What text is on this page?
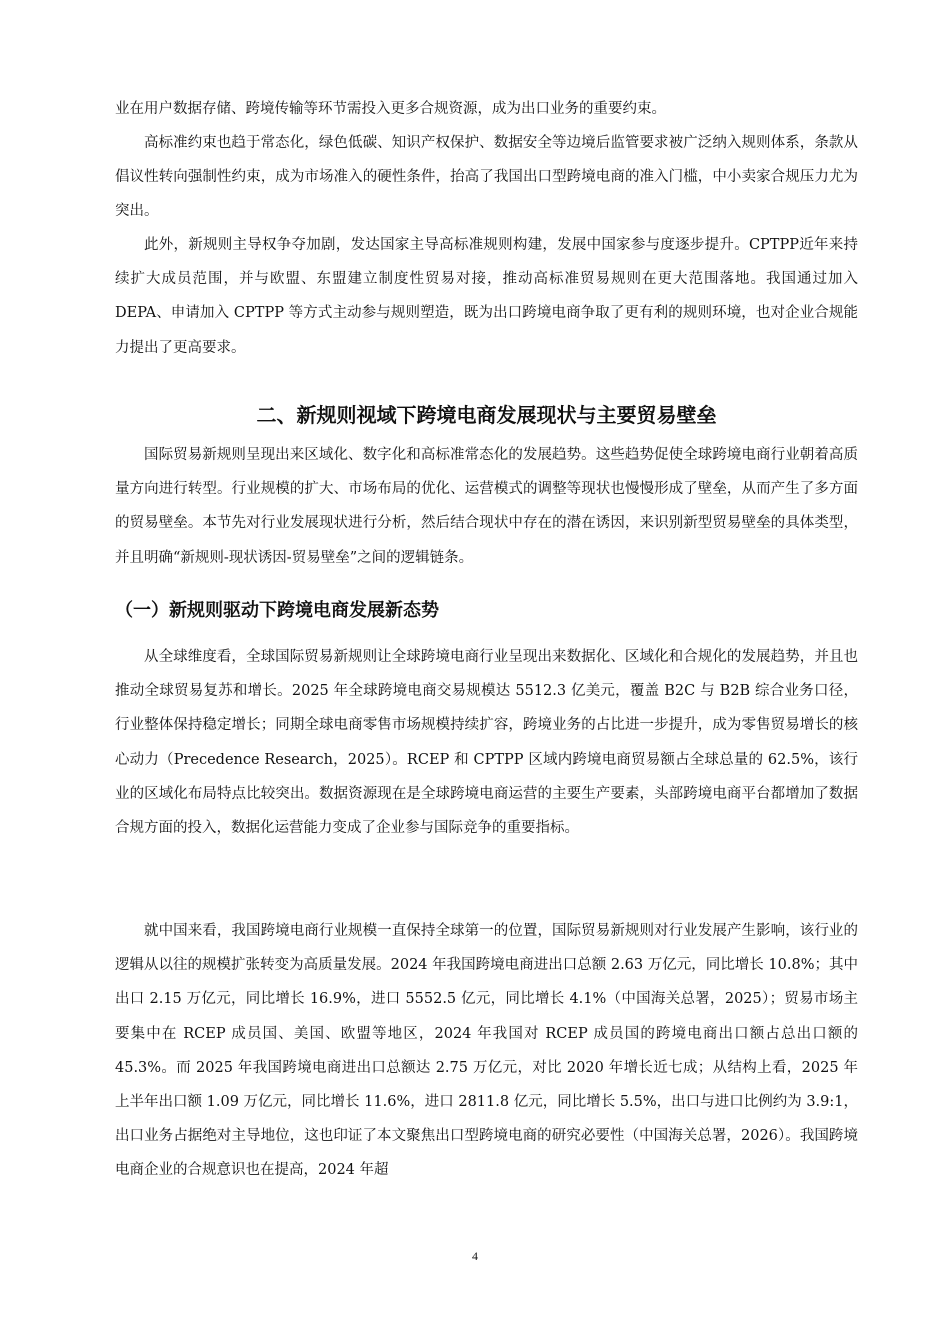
业在用户数据存储、跨境传输等环节需投入更多合规资源，成为出口业务的重要约束。

高标准约束也趋于常态化，绿色低碳、知识产权保护、数据安全等边境后监管要求被广泛纳入规则体系，条款从倡议性转向强制性约束，成为市场准入的硬性条件，抬高了我国出口型跨境电商的准入门槛，中小卖家合规压力尤为突出。

此外，新规则主导权争夺加剧，发达国家主导高标准规则构建，发展中国家参与度逐步提升。CPTPP近年来持续扩大成员范围，并与欧盟、东盟建立制度性贸易对接，推动高标准贸易规则在更大范围落地。我国通过加入 DEPA、申请加入 CPTPP 等方式主动参与规则塑造，既为出口跨境电商争取了更有利的规则环境，也对企业合规能力提出了更高要求。

二、新规则视域下跨境电商发展现状与主要贸易壁垒

国际贸易新规则呈现出来区域化、数字化和高标准常态化的发展趋势。这些趋势促使全球跨境电商行业朝着高质量方向进行转型。行业规模的扩大、市场布局的优化、运营模式的调整等现状也慢慢形成了壁垒，从而产生了多方面的贸易壁垒。本节先对行业发展现状进行分析，然后结合现状中存在的潜在诱因，来识别新型贸易壁垒的具体类型，并且明确“新规则-现状诱因-贸易壁垒”之间的逻辑链条。

（一）新规则驱动下跨境电商发展新态势

从全球维度看，全球国际贸易新规则让全球跨境电商行业呈现出来数据化、区域化和合规化的发展趋势，并且也推动全球贸易复苏和增长。2025 年全球跨境电商交易规模达 5512.3 亿美元，覆盖 B2C 与 B2B 综合业务口径，行业整体保持稳定增长；同期全球电商零售市场规模持续扩容，跨境业务的占比进一步提升，成为零售贸易增长的核心动力（Precedence Research，2025）。RCEP 和 CPTPP 区域内跨境电商贸易额占全球总量的 62.5%，该行业的区域化布局特点比较突出。数据资源现在是全球跨境电商运营的主要生产要素，头部跨境电商平台都增加了数据合规方面的投入，数据化运营能力变成了企业参与国际竞争的重要指标。

就中国来看，我国跨境电商行业规模一直保持全球第一的位置，国际贸易新规则对行业发展产生影响，该行业的逻辑从以往的规模扩张转变为高质量发展。2024 年我国跨境电商进出口总额 2.63 万亿元，同比增长 10.8%；其中出口 2.15 万亿元，同比增长 16.9%，进口 5552.5 亿元，同比增长 4.1%（中国海关总署，2025）；贸易市场主要集中在 RCEP 成员国、美国、欧盟等地区，2024 年我国对 RCEP 成员国的跨境电商出口额占总出口额的 45.3%。而 2025 年我国跨境电商进出口总额达 2.75 万亿元，对比 2020 年增长近七成；从结构上看，2025 年上半年出口额 1.09 万亿元，同比增长 11.6%，进口 2811.8 亿元，同比增长 5.5%，出口与进口比例约为 3.9:1，出口业务占据绝对主导地位，这也印证了本文聚焦出口型跨境电商的研究必要性（中国海关总署，2026）。我国跨境电商企业的合规意识也在提高，2024 年超

4
